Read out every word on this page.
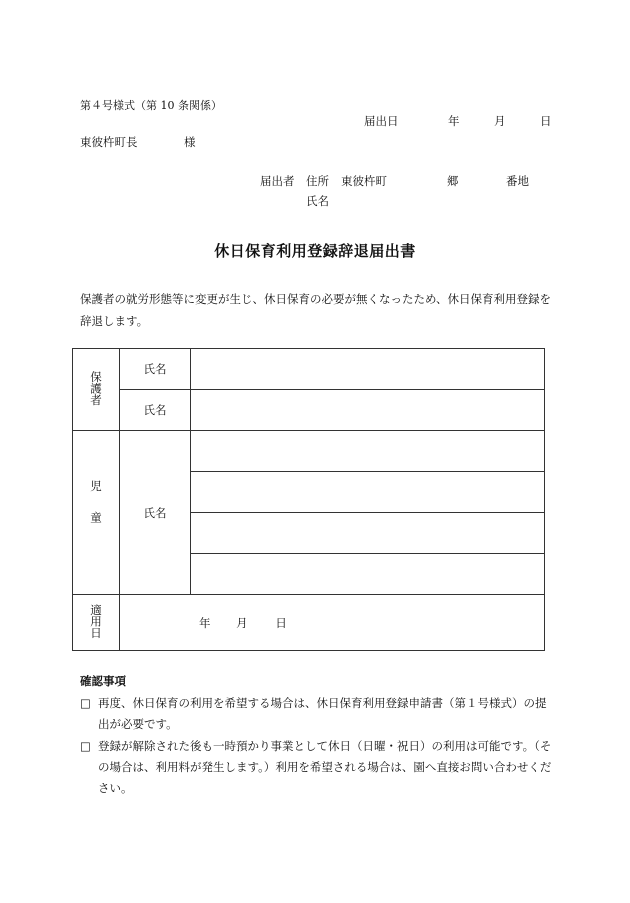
第４号様式（第 10 条関係）
届出日	年	月	日
東彼杵町長	様
届出者 住所 東彼杵町	郷	番地
氏名
休日保育利用登録辞退届出書
保護者の就労形態等に変更が生じ、休日保育の必要が無くなったため、休日保育利用登録を辞退します。
保護者	氏名	
	氏名	
児童	氏名	

適用日	年 月 日	
確認事項
□ 再度、休日保育の利用を希望する場合は、休日保育利用登録申請書（第１号様式）の提出が必要です。
□ 登録が解除された後も一時預かり事業として休日（日曜・祝日）の利用は可能です。（その場合は、利用料が発生します。）利用を希望される場合は、園へ直接お問い合わせください。
